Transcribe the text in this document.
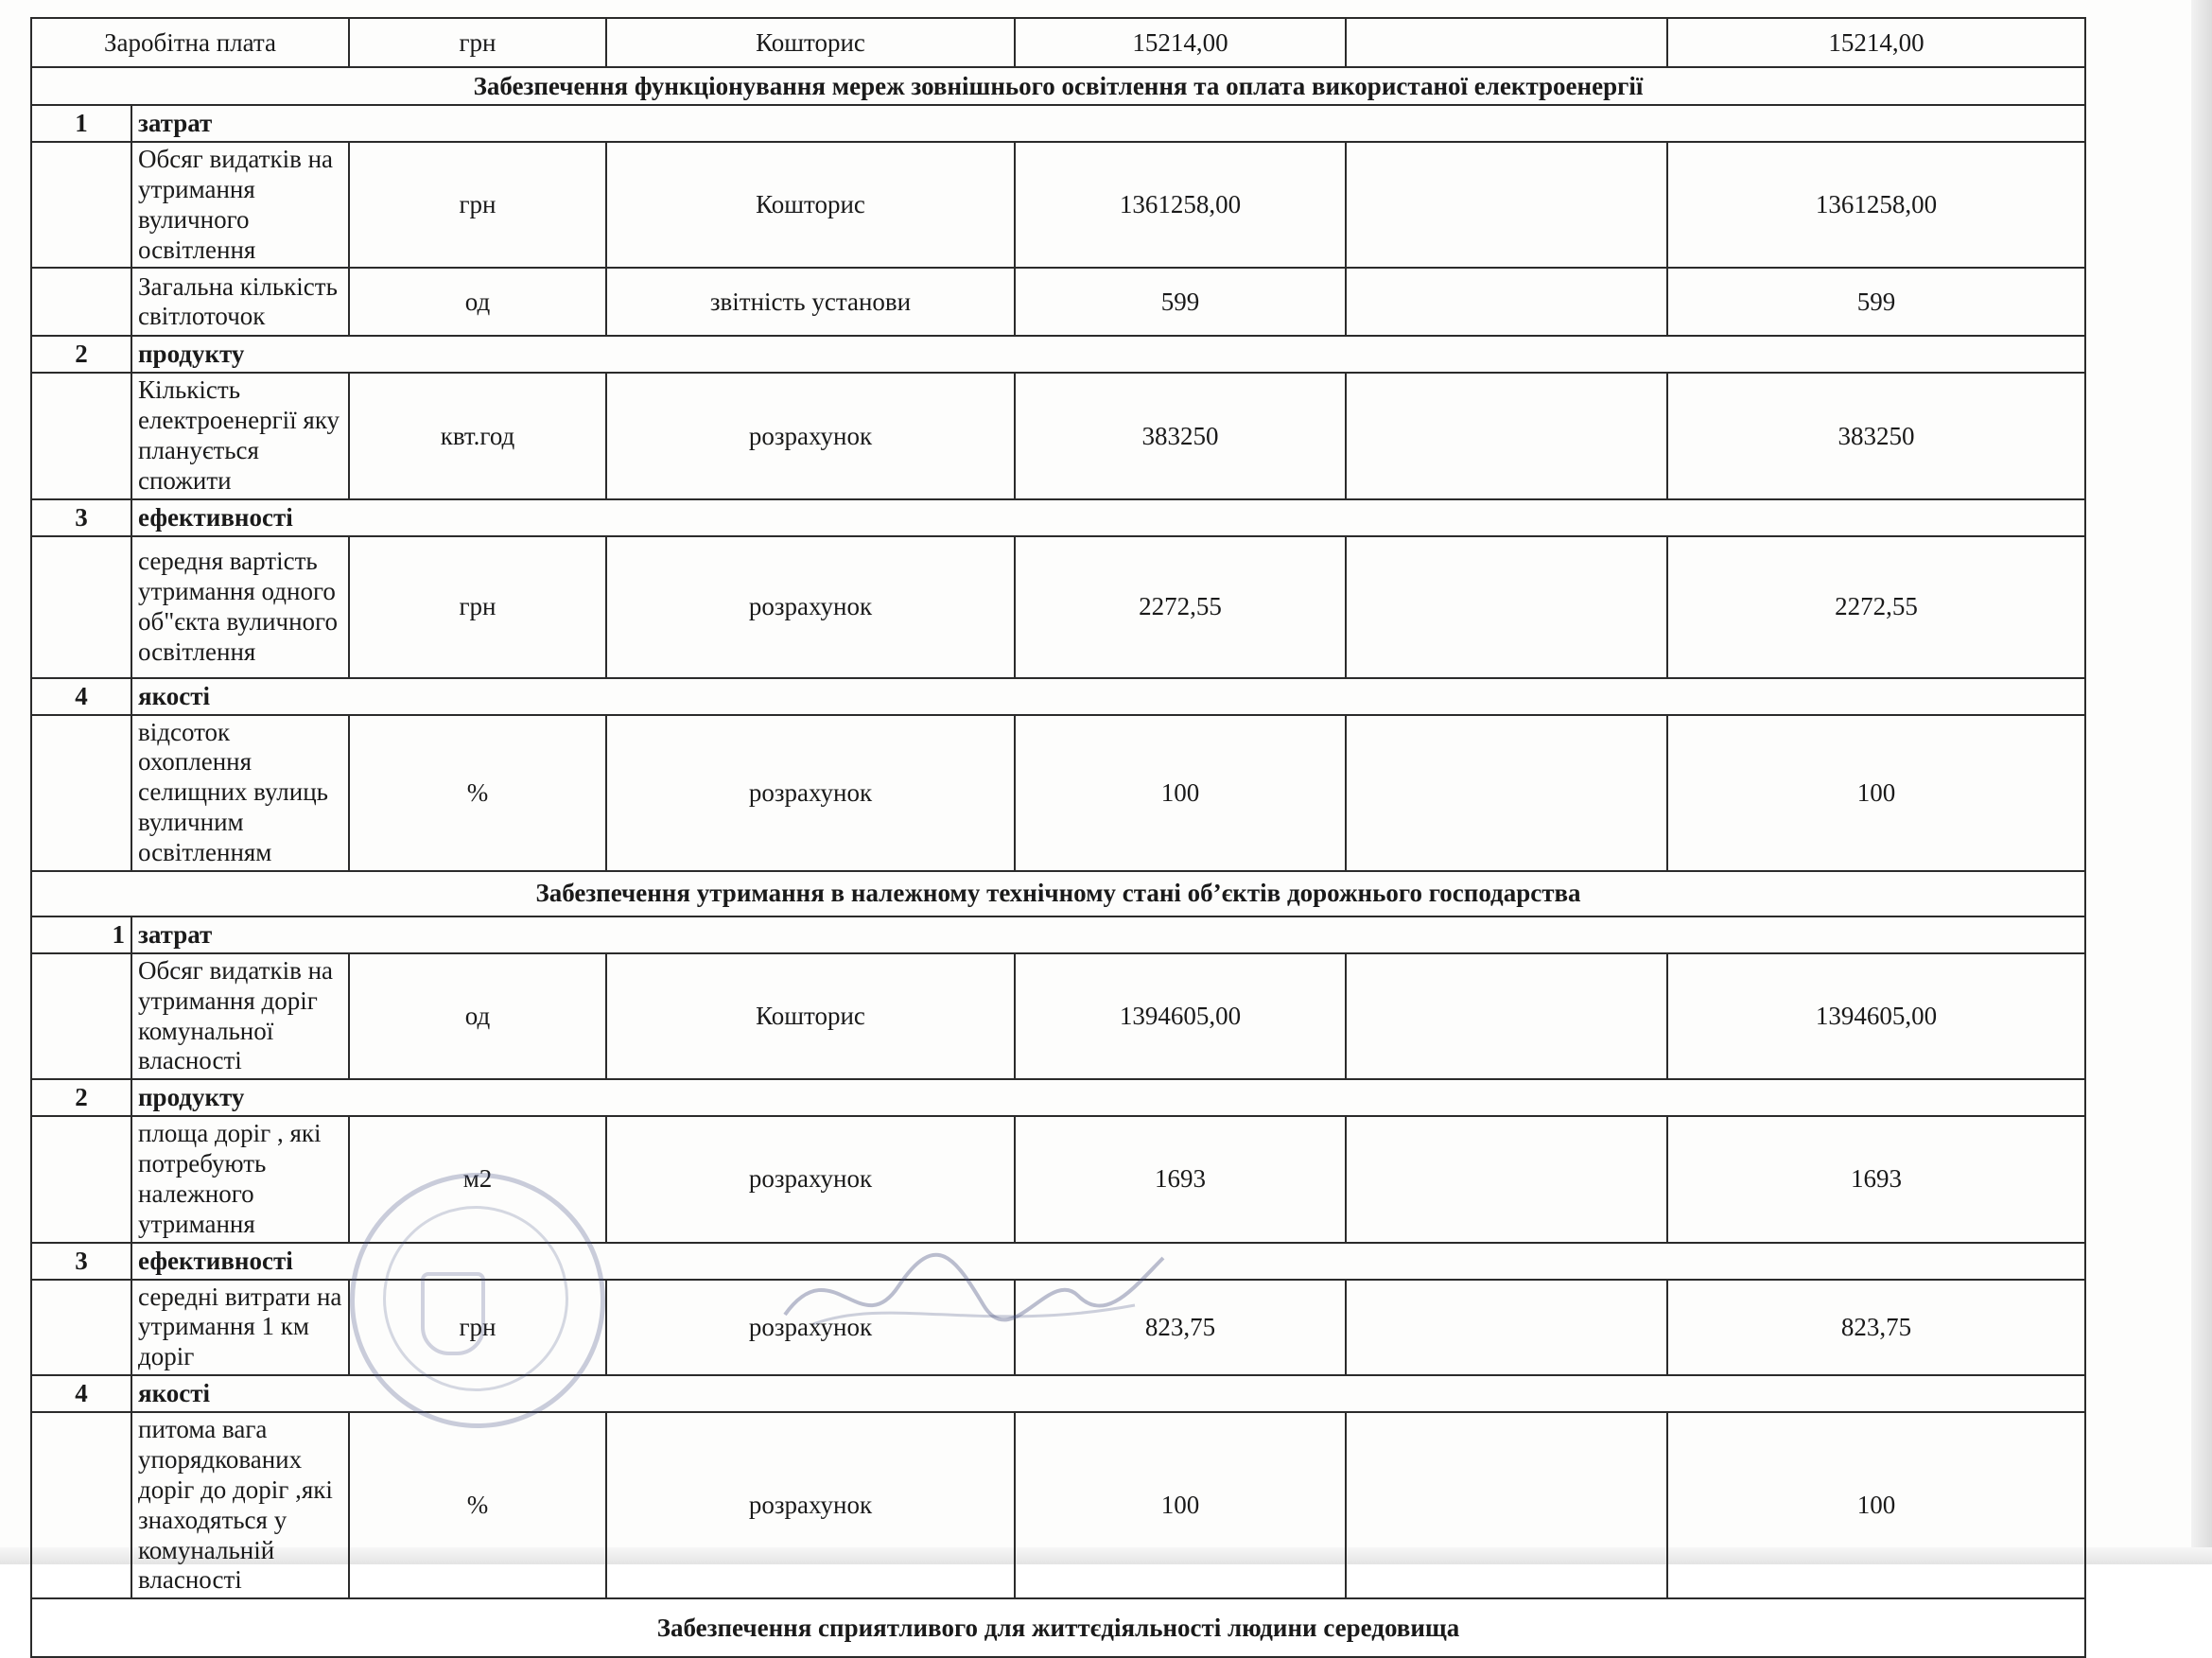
Заробітна плата		грн	Кошторис	15214,00		15214,00
Забезпечення функціонування мереж зовнішнього освітлення та оплата використаної електроенергії						
1	затрат					
	Обсяг видатків на утримання вуличного освітлення	грн	Кошторис	1361258,00		1361258,00
	Загальна кількість світлоточок	од	звітність установи	599		599
2	продукту					
	Кількість електроенергії яку планується спожити	квт.год	розрахунок	383250		383250
3	ефективності					
	середня вартість утримання одного об"єкта вуличного освітлення	грн	розрахунок	2272,55		2272,55
4	якості					
	відсоток охоплення селищних вулиць вуличним освітленням	%	розрахунок	100		100
Забезпечення утримання в належному технічному стані об’єктів дорожнього господарства						
1	затрат					
	Обсяг видатків на утримання доріг комунальної власності	од	Кошторис	1394605,00		1394605,00
2	продукту					
	площа доріг , які потребують належного утримання	м2	розрахунок	1693		1693
3	ефективності					
	середні витрати на утримання 1 км доріг	грн	розрахунок	823,75		823,75
4	якості					
	питома вага упорядкованих доріг до доріг ,які знаходяться у комунальній власності	%	розрахунок	100		100
Забезпечення сприятливого для життєдіяльності людини середовища						
